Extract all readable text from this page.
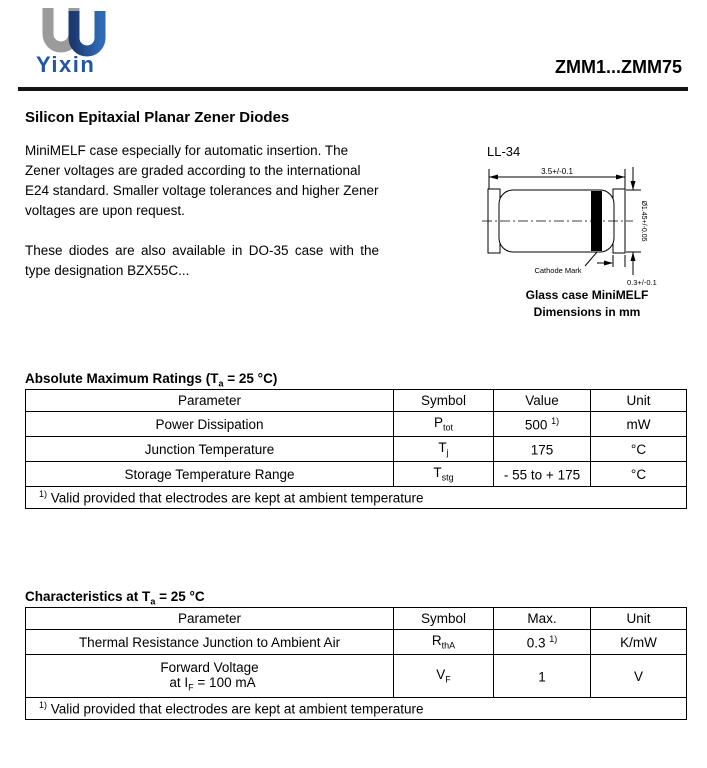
Yixin	ZMM1...ZMM75
Silicon Epitaxial Planar Zener Diodes
MiniMELF case especially for automatic insertion. The Zener voltages are graded according to the international E24 standard. Smaller voltage tolerances and higher Zener voltages are upon request.
These diodes are also available in DO-35 case with the type designation BZX55C...
LL-34
3.5+/-0.1
Ø1.45+/-0.05
0.3+/-0.1
Cathode Mark
Glass case MiniMELF
Dimensions in mm
Absolute Maximum Ratings ($T_a = 25$ °C)
Parameter	Symbol	Value	Unit
Power Dissipation	$P_{tot}$	500 $^{1)}$	mW
Junction Temperature	$T_j$	175	°C
Storage Temperature Range	$T_{stg}$	- 55 to + 175	°C
$^{1)}$ Valid provided that electrodes are kept at ambient temperature			
Characteristics at $T_a = 25$ °C
Parameter	Symbol	Max.	Unit
Thermal Resistance Junction to Ambient Air	$R_{thA}$	0.3 $^{1)}$	K/mW

Forward Voltage
at $I_F = 100$ mA	$V_F$	1	V
$^{1)}$ Valid provided that electrodes are kept at ambient temperature			
